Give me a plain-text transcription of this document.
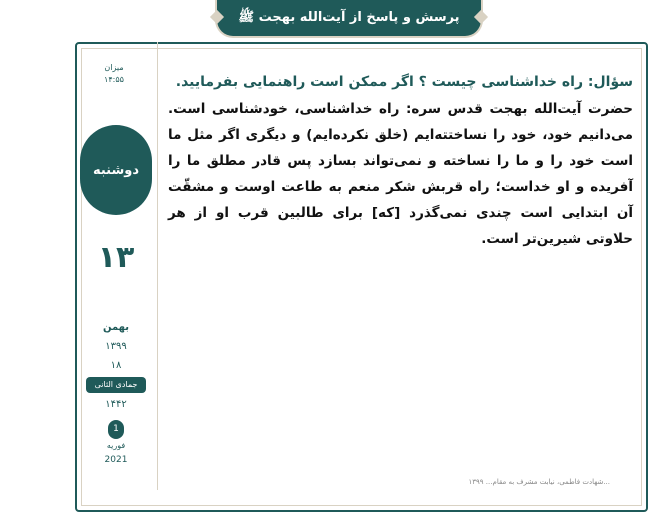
پرسش و پاسخ از آیت‌الله بهجت ﷺ
میزان
۱۴:۵۵
دوشنبه
۱۳
بهمن
۱۳۹۹
۱۸
جمادی الثانی
۱۴۴۲
1
فوریه
2021
سؤال: راه خداشناسی چیست ؟ اگر ممکن است راهنمایی بفرمایید.
حضرت آیت‌الله بهجت قدس سره: راه خداشناسی، خودشناسی است. می‌دانیم خود، خود را نساختته‌ایم (خلق نکرده‌ایم) و دیگری اگر مثل ما است خود را و ما را نساخته و نمی‌تواند بسازد پس قادر مطلق ما را آفریده و او خداست؛ راه قربش شکر منعم به طاعت اوست و مشقّت آن ابتدایی است چندی نمی‌گذرد [که] برای طالبین قرب او از هر حلاوتی شیرین‌تر است.
...شهادت فاطمی، نیابت مشرف به مقام... ۱۳۹۹
